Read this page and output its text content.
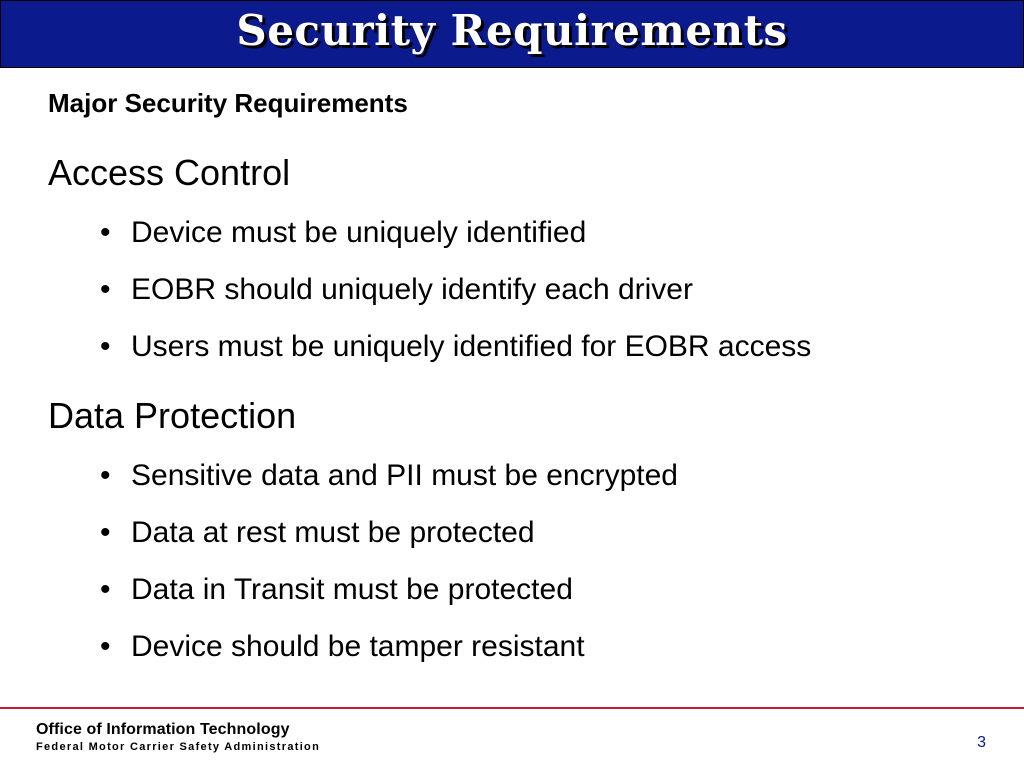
Security Requirements
Major Security Requirements
Access Control
• Device must be uniquely identified
• EOBR should uniquely identify each driver
• Users must be uniquely identified for EOBR access
Data Protection
• Sensitive data and PII must be encrypted
• Data at rest must be protected
• Data in Transit must be protected
• Device should be tamper resistant
Office of Information Technology
Federal Motor Carrier Safety Administration	3
